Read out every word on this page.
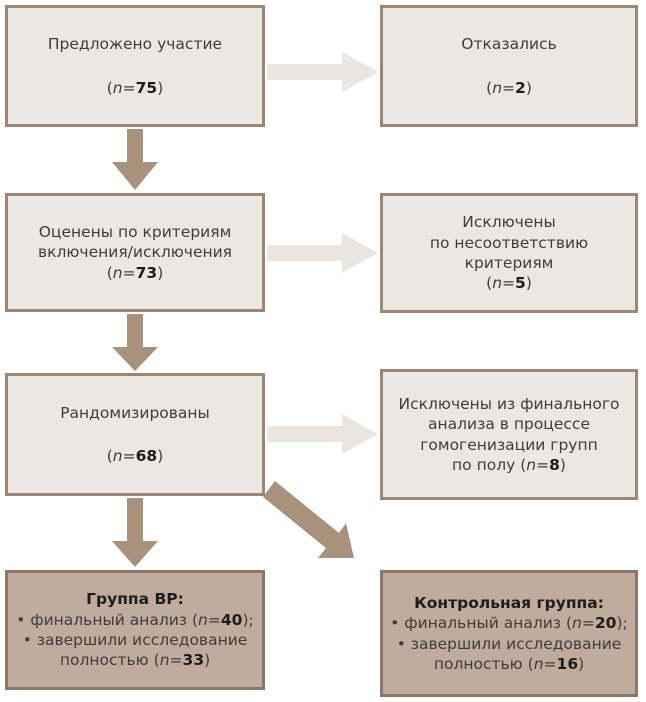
Предложено участие
(n=75)
Отказались
(n=2)
Оценены по критериям
включения/исключения
(n=73)
Исключены
по несоответствию
критериям
(n=5)
Рандомизированы
(n=68)
Исключены из финального
анализа в процессе
гомогенизации групп
по полу (n=8)
Группа ВР:
• финальный анализ (n=40);
• завершили исследование
полностью (n=33)
Контрольная группа:
• финальный анализ (n=20);
• завершили исследование
полностью (n=16)
